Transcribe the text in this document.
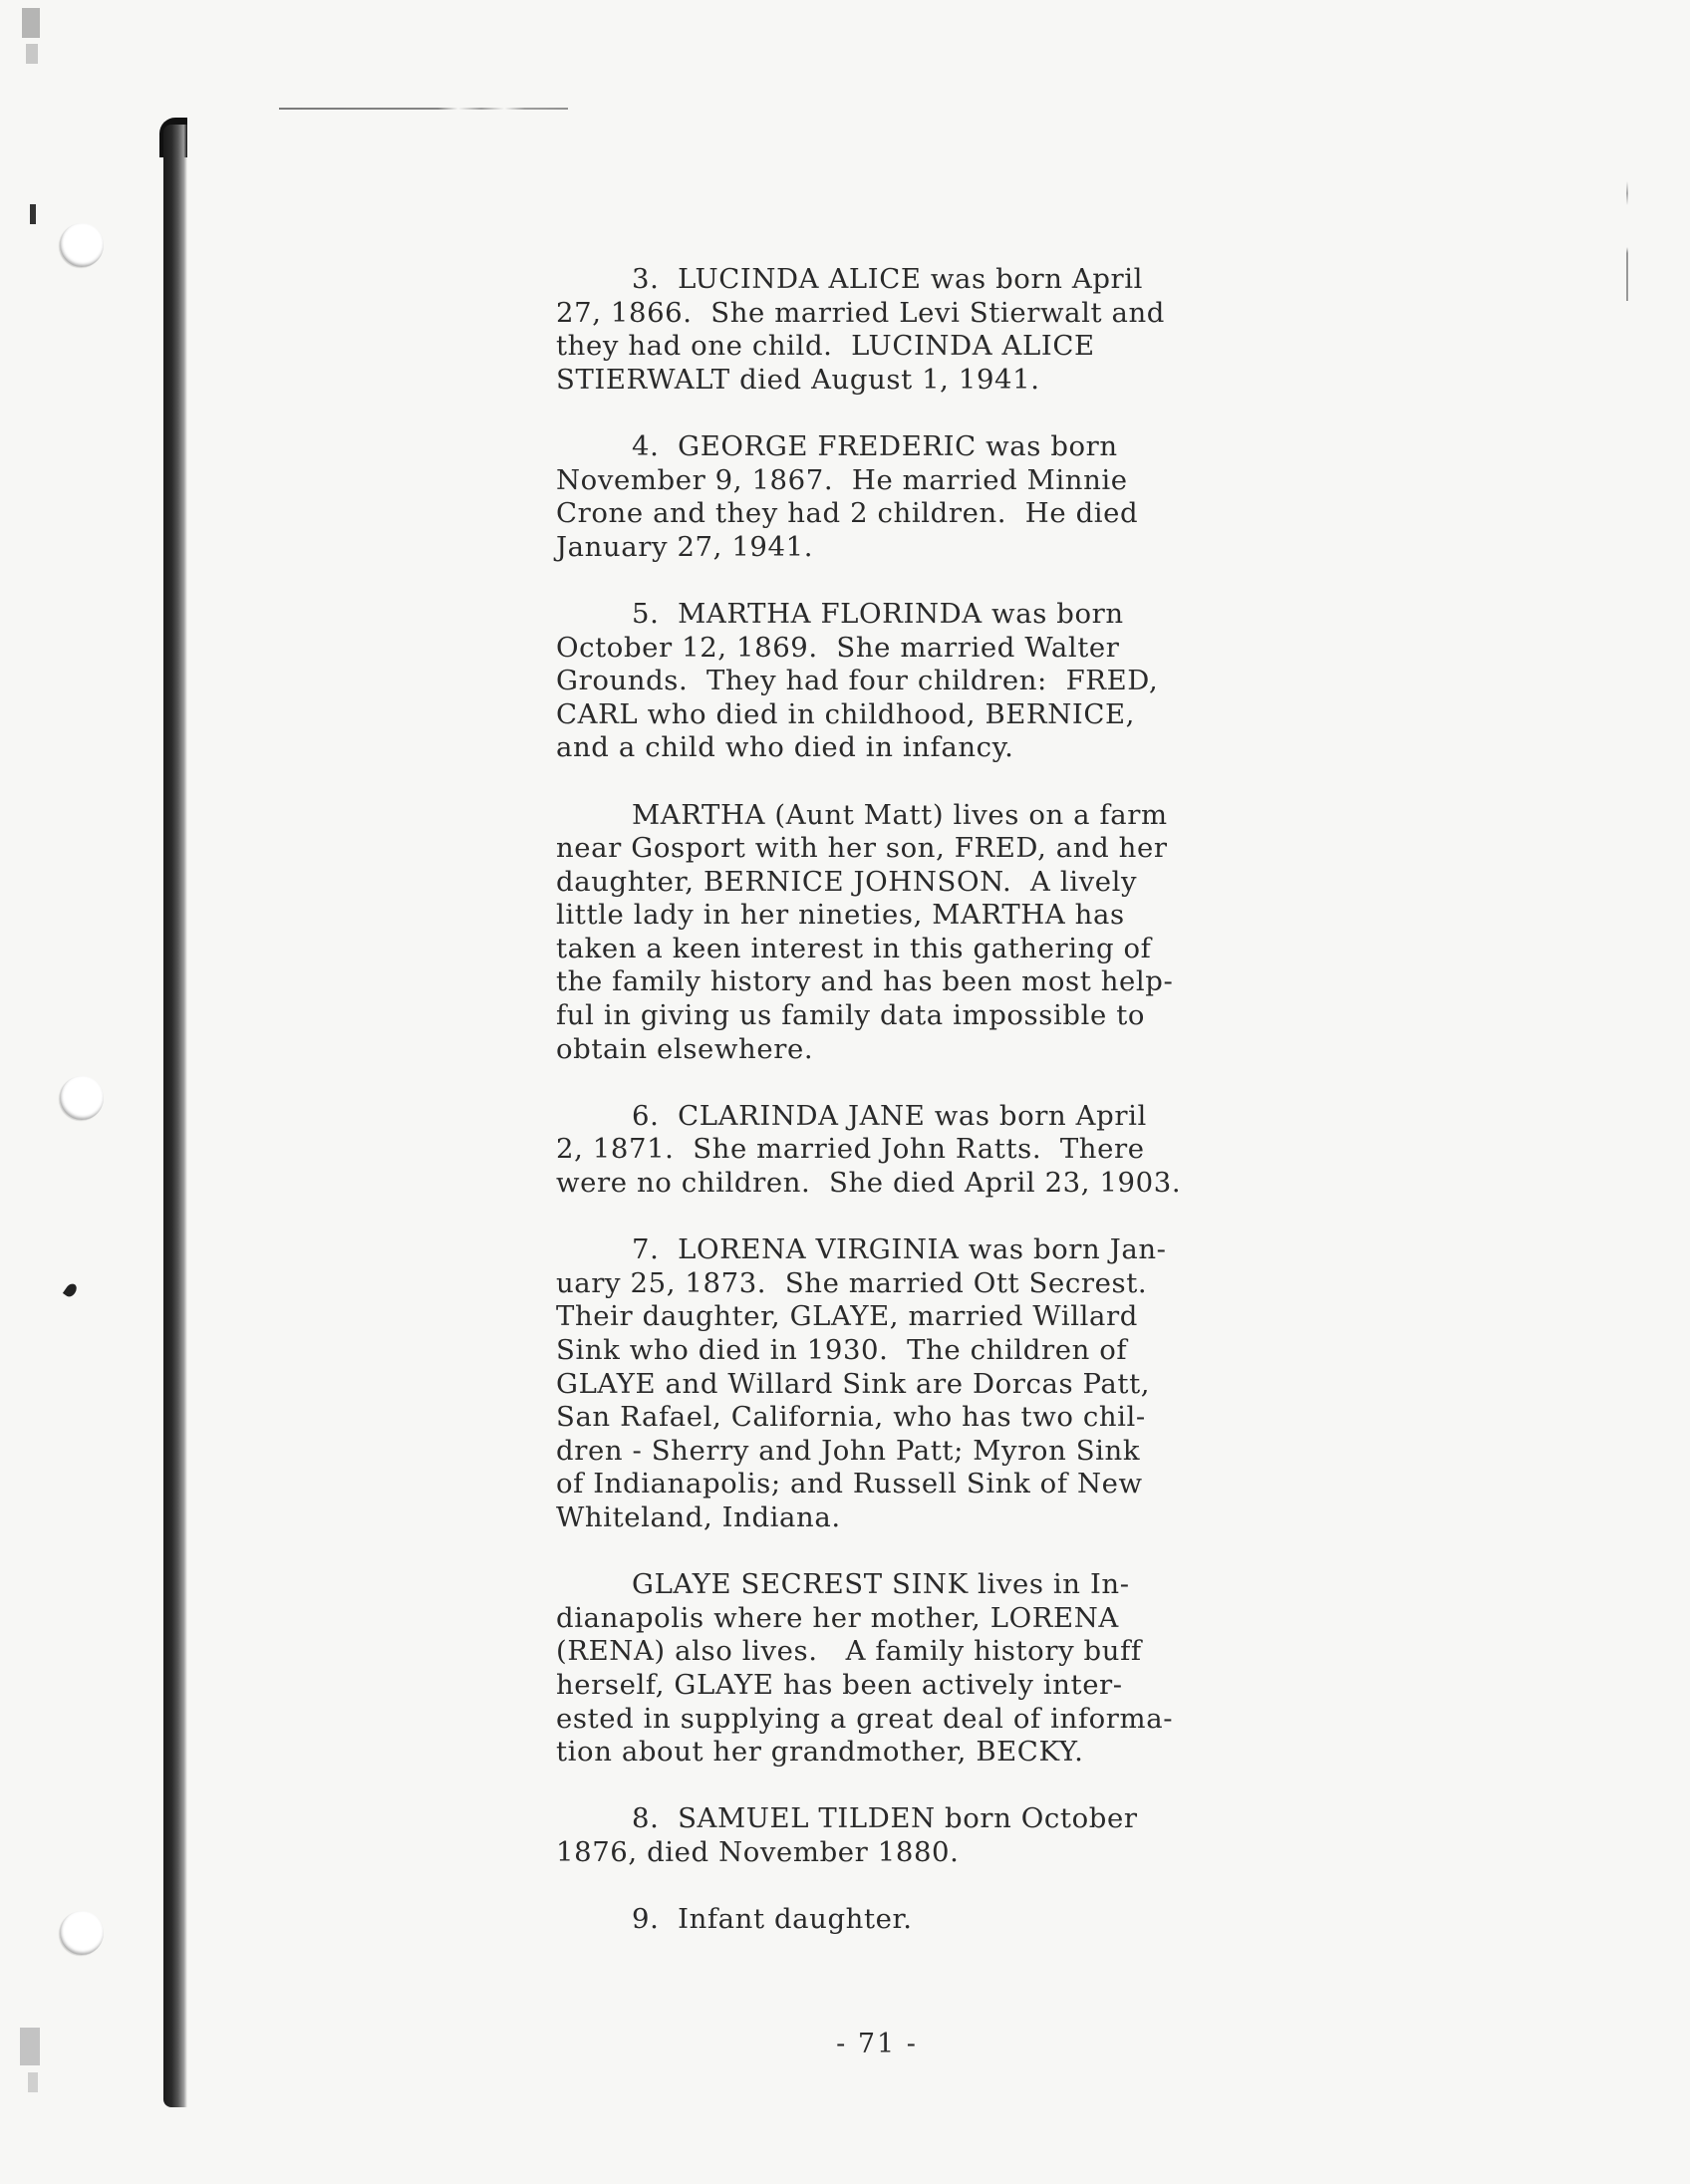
3.  LUCINDA ALICE was born April
27, 1866.  She married Levi Stierwalt and
they had one child.  LUCINDA ALICE
STIERWALT died August 1, 1941.
4.  GEORGE FREDERIC was born
November 9, 1867.  He married Minnie
Crone and they had 2 children.  He died
January 27, 1941.
5.  MARTHA FLORINDA was born
October 12, 1869.  She married Walter
Grounds.  They had four children:  FRED,
CARL who died in childhood, BERNICE,
and a child who died in infancy.
MARTHA (Aunt Matt) lives on a farm
near Gosport with her son, FRED, and her
daughter, BERNICE JOHNSON.  A lively
little lady in her nineties, MARTHA has
taken a keen interest in this gathering of
the family history and has been most help-
ful in giving us family data impossible to
obtain elsewhere.
6.  CLARINDA JANE was born April
2, 1871.  She married John Ratts.  There
were no children.  She died April 23, 1903.
7.  LORENA VIRGINIA was born Jan-
uary 25, 1873.  She married Ott Secrest.
Their daughter, GLAYE, married Willard
Sink who died in 1930.  The children of
GLAYE and Willard Sink are Dorcas Patt,
San Rafael, California, who has two chil-
dren - Sherry and John Patt; Myron Sink
of Indianapolis; and Russell Sink of New
Whiteland, Indiana.
GLAYE SECREST SINK lives in In-
dianapolis where her mother, LORENA
(RENA) also lives.   A family history buff
herself, GLAYE has been actively inter-
ested in supplying a great deal of informa-
tion about her grandmother, BECKY.
8.  SAMUEL TILDEN born October
1876, died November 1880.
9.  Infant daughter.
- 71 -
